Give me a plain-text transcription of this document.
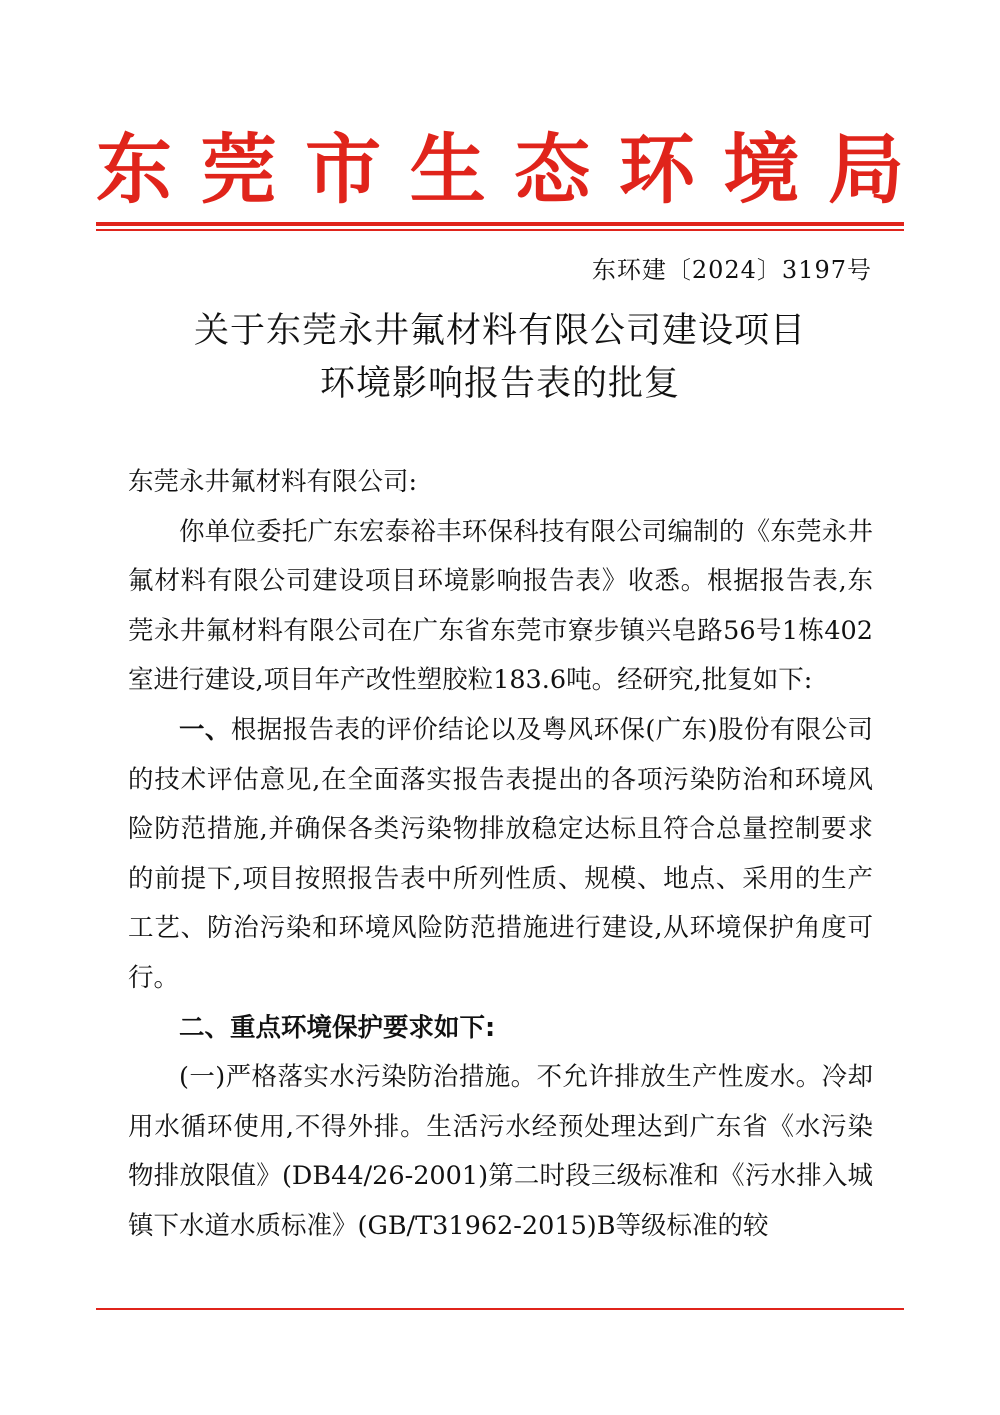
东 莞 市 生 态 环 境 局
东环建〔2024〕3197号
关于东莞永井氟材料有限公司建设项目
环境影响报告表的批复

东莞永井氟材料有限公司:

你单位委托广东宏泰裕丰环保科技有限公司编制的《东莞永井氟材料有限公司建设项目环境影响报告表》收悉。根据报告表,东莞永井氟材料有限公司在广东省东莞市寮步镇兴皂路56号1栋402室进行建设,项目年产改性塑胶粒183.6吨。经研究,批复如下:

一、根据报告表的评价结论以及粤风环保(广东)股份有限公司的技术评估意见,在全面落实报告表提出的各项污染防治和环境风险防范措施,并确保各类污染物排放稳定达标且符合总量控制要求的前提下,项目按照报告表中所列性质、规模、地点、采用的生产工艺、防治污染和环境风险防范措施进行建设,从环境保护角度可行。

二、重点环境保护要求如下:

(一)严格落实水污染防治措施。不允许排放生产性废水。冷却用水循环使用,不得外排。生活污水经预处理达到广东省《水污染物排放限值》(DB44/26-2001)第二时段三级标准和《污水排入城镇下水道水质标准》(GB/T31962-2015)B等级标准的较
